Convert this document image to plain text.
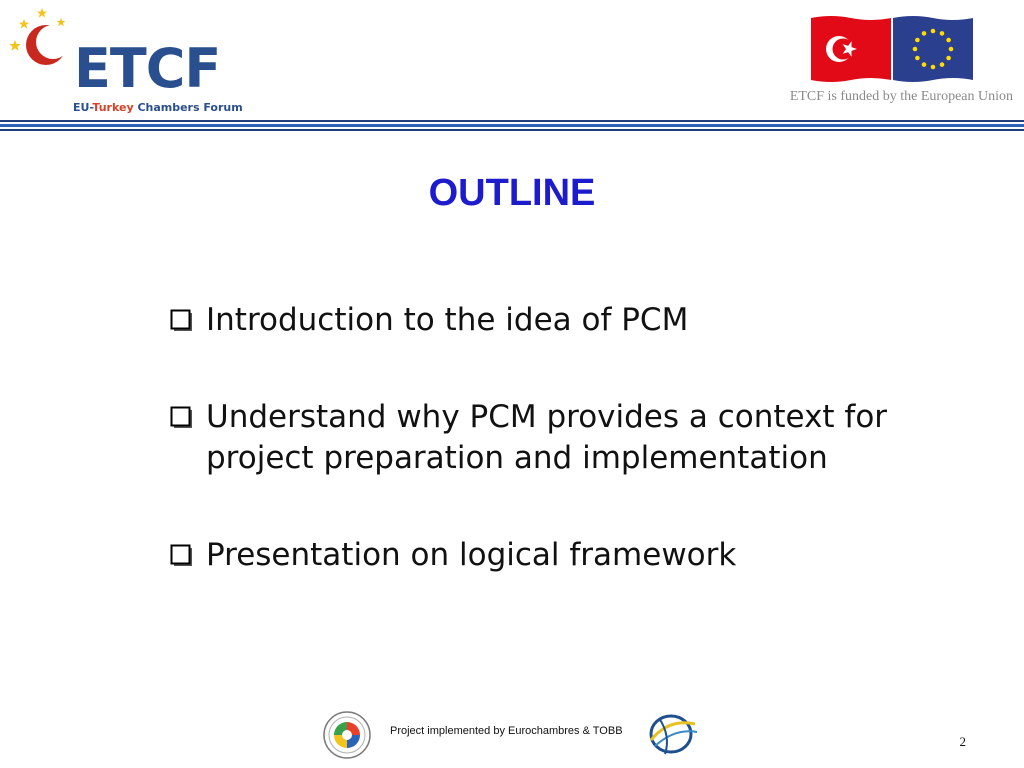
ETCF
EU-Turkey Chambers Forum
ETCF is funded by the European Union
OUTLINE
Introduction to the idea of PCM
Understand why PCM provides a context for project preparation and implementation
Presentation on logical framework
Project implemented by Eurochambres & TOBB
2
